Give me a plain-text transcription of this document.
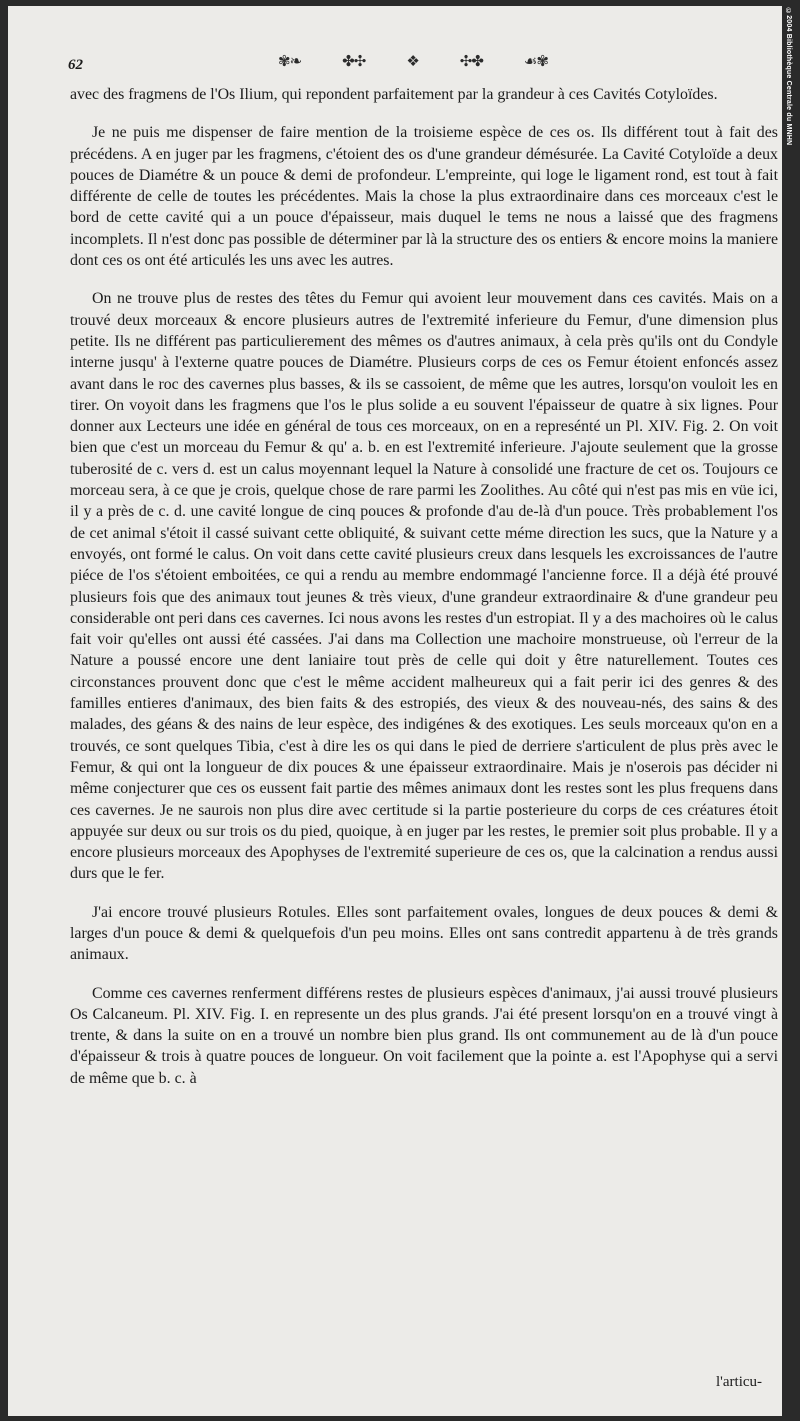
62	✾❧	✤✣	❖	✣✤	☙✾

avec des fragmens de l'Os Ilium, qui repondent parfaitement par la grandeur à ces Cavités Cotyloïdes.

Je ne puis me dispenser de faire mention de la troisieme espèce de ces os. Ils différent tout à fait des précédens. A en juger par les fragmens, c'étoient des os d'une grandeur démésurée. La Cavité Cotyloïde a deux pouces de Diamétre & un pouce & demi de profondeur. L'empreinte, qui loge le ligament rond, est tout à fait différente de celle de toutes les précédentes. Mais la chose la plus extraordinaire dans ces morceaux c'est le bord de cette cavité qui a un pouce d'épaisseur, mais duquel le tems ne nous a laissé que des fragmens incomplets. Il n'est donc pas possible de déterminer par là la structure des os entiers & encore moins la maniere dont ces os ont été articulés les uns avec les autres.

On ne trouve plus de restes des têtes du Femur qui avoient leur mouvement dans ces cavités. Mais on a trouvé deux morceaux & encore plusieurs autres de l'extremité inferieure du Femur, d'une dimension plus petite. Ils ne différent pas particulierement des mêmes os d'autres animaux, à cela près qu'ils ont du Condyle interne jusqu' à l'externe quatre pouces de Diamétre. Plusieurs corps de ces os Femur étoient enfoncés assez avant dans le roc des cavernes plus basses, & ils se cassoient, de même que les autres, lorsqu'on vouloit les en tirer. On voyoit dans les fragmens que l'os le plus solide a eu souvent l'épaisseur de quatre à six lignes. Pour donner aux Lecteurs une idée en général de tous ces morceaux, on en a represénté un Pl. XIV. Fig. 2. On voit bien que c'est un morceau du Femur & qu' a. b. en est l'extremité inferieure. J'ajoute seulement que la grosse tuberosité de c. vers d. est un calus moyennant lequel la Nature à consolidé une fracture de cet os. Toujours ce morceau sera, à ce que je crois, quelque chose de rare parmi les Zoolithes. Au côté qui n'est pas mis en vüe ici, il y a près de c. d. une cavité longue de cinq pouces & profonde d'au de-là d'un pouce. Très probablement l'os de cet animal s'étoit il cassé suivant cette obliquité, & suivant cette méme direction les sucs, que la Nature y a envoyés, ont formé le calus. On voit dans cette cavité plusieurs creux dans lesquels les excroissances de l'autre piéce de l'os s'étoient emboitées, ce qui a rendu au membre endommagé l'ancienne force. Il a déjà été prouvé plusieurs fois que des animaux tout jeunes & très vieux, d'une grandeur extraordinaire & d'une grandeur peu considerable ont peri dans ces cavernes. Ici nous avons les restes d'un estropiat. Il y a des machoires où le calus fait voir qu'elles ont aussi été cassées. J'ai dans ma Collection une machoire monstrueuse, où l'erreur de la Nature a poussé encore une dent laniaire tout près de celle qui doit y être naturellement. Toutes ces circonstances prouvent donc que c'est le même accident malheureux qui a fait perir ici des genres & des familles entieres d'animaux, des bien faits & des estropiés, des vieux & des nouveau-nés, des sains & des malades, des géans & des nains de leur espèce, des indigénes & des exotiques. Les seuls morceaux qu'on en a trouvés, ce sont quelques Tibia, c'est à dire les os qui dans le pied de derriere s'articulent de plus près avec le Femur, & qui ont la longueur de dix pouces & une épaisseur extraordinaire. Mais je n'oserois pas décider ni même conjecturer que ces os eussent fait partie des mêmes animaux dont les restes sont les plus frequens dans ces cavernes. Je ne saurois non plus dire avec certitude si la partie posterieure du corps de ces créatures étoit appuyée sur deux ou sur trois os du pied, quoique, à en juger par les restes, le premier soit plus probable. Il y a encore plusieurs morceaux des Apophyses de l'extremité superieure de ces os, que la calcination a rendus aussi durs que le fer.

J'ai encore trouvé plusieurs Rotules. Elles sont parfaitement ovales, longues de deux pouces & demi & larges d'un pouce & demi & quelquefois d'un peu moins. Elles ont sans contredit appartenu à de très grands animaux.

Comme ces cavernes renferment différens restes de plusieurs espèces d'animaux, j'ai aussi trouvé plusieurs Os Calcaneum. Pl. XIV. Fig. I. en represente un des plus grands. J'ai été present lorsqu'on en a trouvé vingt à trente, & dans la suite on en a trouvé un nombre bien plus grand. Ils ont communement au de là d'un pouce d'épaisseur & trois à quatre pouces de longueur. On voit facilement que la pointe a. est l'Apophyse qui a servi de même que b. c. à

l'articu-
©2004 Bibliothèque Centrale du MNHN
